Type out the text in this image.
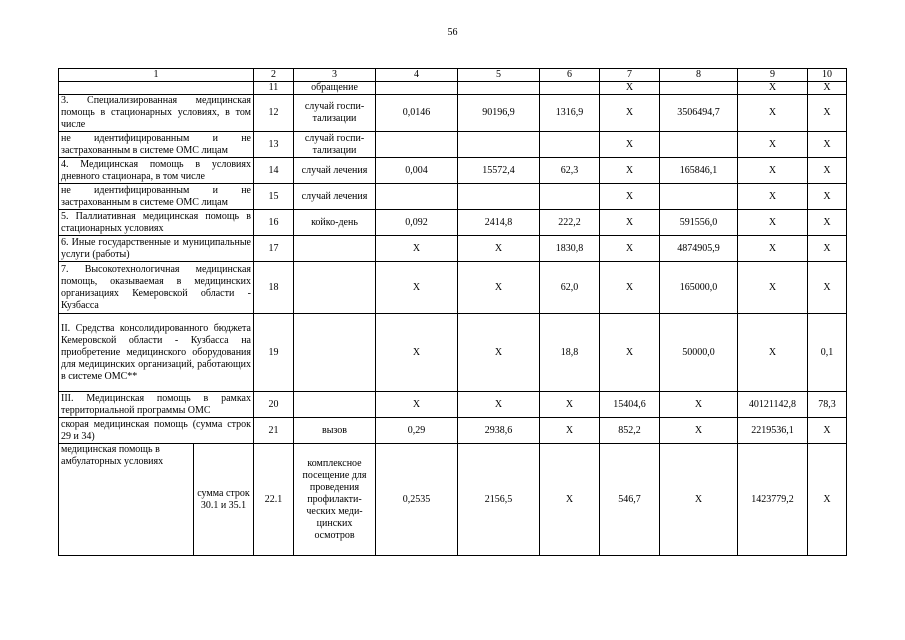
56
1		2	3	4	5	6	7	8	9	10
		11	обращение				X		X	X
3. Специализированная медицинская помощь в стационарных условиях, в том числе		12	случай госпи-тализации	0,0146	90196,9	1316,9	X	3506494,7	X	X
не идентифицированным и не застрахованным в системе ОМС лицам		13	случай госпи-тализации				X		X	X
4. Медицинская помощь в условиях дневного стационара, в том числе		14	случай лечения	0,004	15572,4	62,3	X	165846,1	X	X
не идентифицированным и не застрахованным в системе ОМС лицам		15	случай лечения				X		X	X
5. Паллиативная медицинская помощь в стационарных условиях		16	койко-день	0,092	2414,8	222,2	X	591556,0	X	X
6. Иные государственные и муниципальные услуги (работы)		17		X	X	1830,8	X	4874905,9	X	X
7. Высокотехнологичная медицинская помощь, оказываемая в медицинских организациях Кемеровской области - Кузбасса		18		X	X	62,0	X	165000,0	X	X
II. Средства консолидированного бюджета Кемеровской области - Кузбасса на приобретение медицинского оборудования для медицинских организаций, работающих в системе ОМС**		19		X	X	18,8	X	50000,0	X	0,1
III. Медицинская помощь в рамках территориальной программы ОМС		20		X	X	X	15404,6	X	40121142,8	78,3
скорая медицинская помощь (сумма строк 29 и 34)		21	вызов	0,29	2938,6	X	852,2	X	2219536,1	X
медицинская помощь в амбулаторных условиях	сумма строк 30.1 и 35.1	22.1	комплексное посещение для проведения профилакти-ческих меди-цинских осмотров	0,2535	2156,5	X	546,7	X	1423779,2	X
